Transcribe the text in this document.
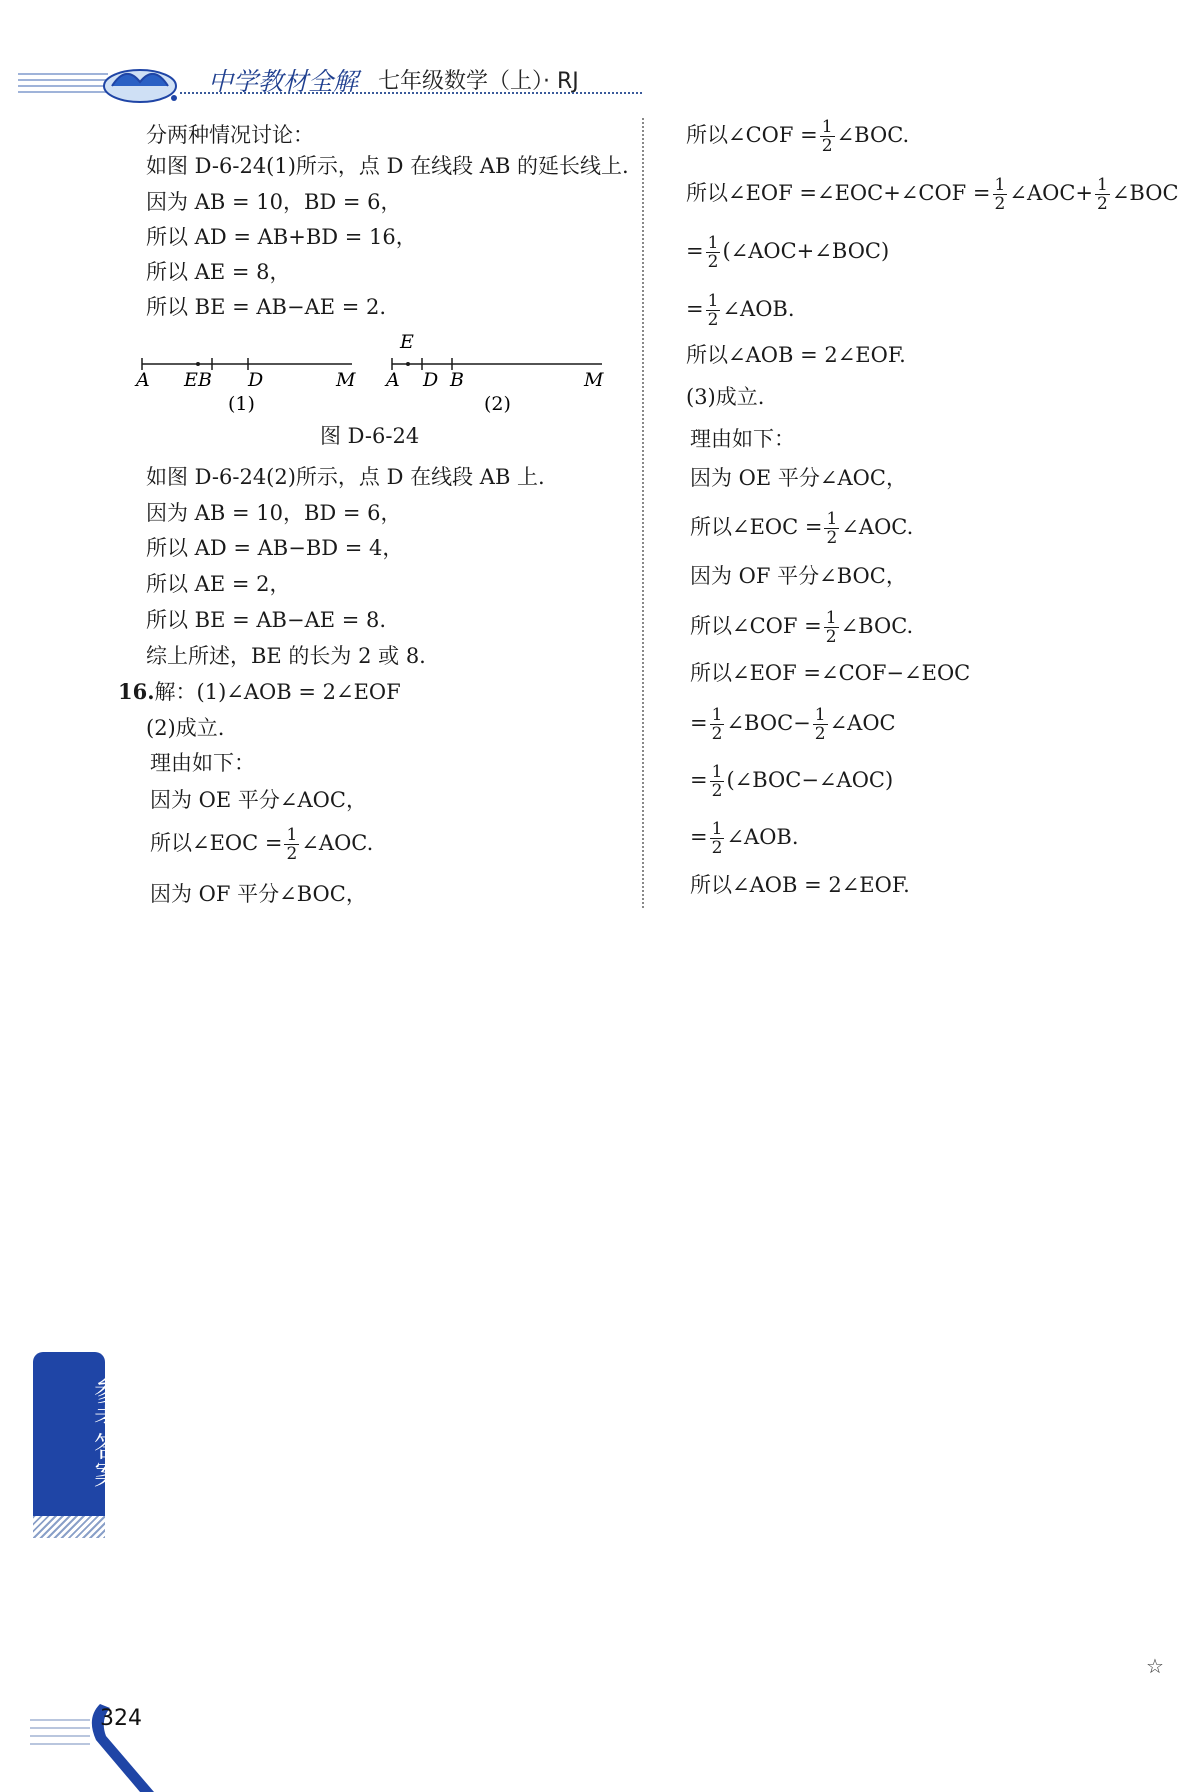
中学教材全解 七年级数学（上）· RJ
分两种情况讨论：
如图 D-6-24(1)所示，点 D 在线段 AB 的延长线上.
因为 AB = 10，BD = 6，
所以 AD = AB+BD = 16，
所以 AE = 8，
所以 BE = AB−AE = 2.
A E B D	M
(1)
E
A D B	M
(2)
图 D-6-24
如图 D-6-24(2)所示，点 D 在线段 AB 上.
因为 AB = 10，BD = 6，
所以 AD = AB−BD = 4，
所以 AE = 2，
所以 BE = AB−AE = 8.
综上所述，BE 的长为 2 或 8.
16.解：(1)∠AOB = 2∠EOF
(2)成立.
理由如下：
因为 OE 平分∠AOC，
所以∠EOC = $\frac{1}{2}$ ∠AOC.
因为 OF 平分∠BOC，
所以∠COF = $\frac{1}{2}$ ∠BOC.
所以∠EOF =∠EOC+∠COF = $\frac{1}{2}$ ∠AOC+ $\frac{1}{2}$ ∠BOC
= $\frac{1}{2}$ (∠AOC+∠BOC)
= $\frac{1}{2}$ ∠AOB.
所以∠AOB = 2∠EOF.
(3)成立.
理由如下：
因为 OE 平分∠AOC，
所以∠EOC = $\frac{1}{2}$ ∠AOC.
因为 OF 平分∠BOC，
所以∠COF = $\frac{1}{2}$ ∠BOC.
所以∠EOF =∠COF−∠EOC
= $\frac{1}{2}$ ∠BOC− $\frac{1}{2}$ ∠AOC
= $\frac{1}{2}$ (∠BOC−∠AOC)
= $\frac{1}{2}$ ∠AOB.
所以∠AOB = 2∠EOF.
参考答案
324
☆
